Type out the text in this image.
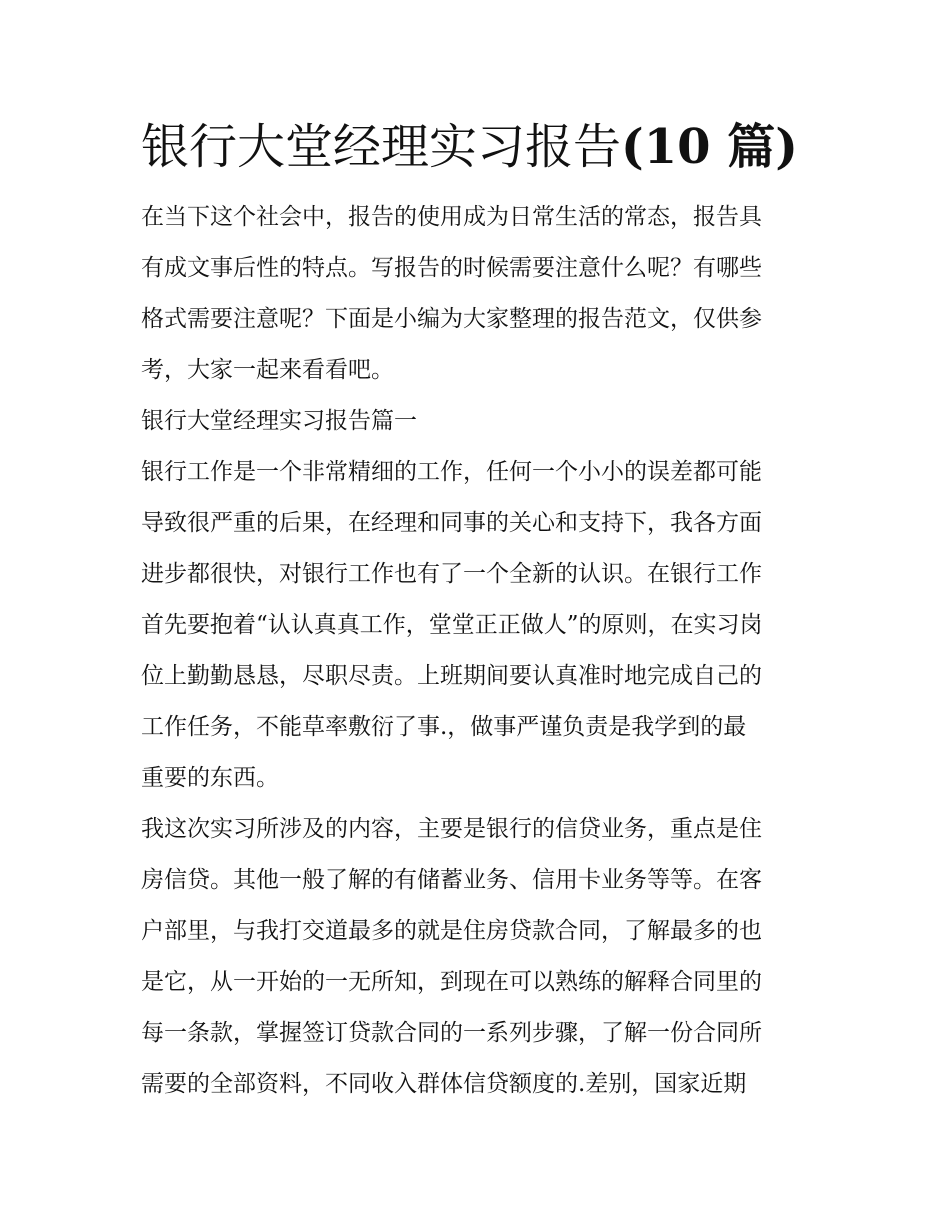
银行大堂经理实习报告(10 篇)
在当下这个社会中，报告的使用成为日常生活的常态，报告具
有成文事后性的特点。写报告的时候需要注意什么呢？有哪些
格式需要注意呢？下面是小编为大家整理的报告范文，仅供参
考，大家一起来看看吧。
银行大堂经理实习报告篇一
银行工作是一个非常精细的工作，任何一个小小的误差都可能
导致很严重的后果，在经理和同事的关心和支持下，我各方面
进步都很快，对银行工作也有了一个全新的认识。在银行工作
首先要抱着“认认真真工作，堂堂正正做人”的原则，在实习岗
位上勤勤恳恳，尽职尽责。上班期间要认真准时地完成自己的
工作任务，不能草率敷衍了事.，做事严谨负责是我学到的最
重要的东西。
我这次实习所涉及的内容，主要是银行的信贷业务，重点是住
房信贷。其他一般了解的有储蓄业务、信用卡业务等等。在客
户部里，与我打交道最多的就是住房贷款合同，了解最多的也
是它，从一开始的一无所知，到现在可以熟练的解释合同里的
每一条款，掌握签订贷款合同的一系列步骤，了解一份合同所
需要的全部资料，不同收入群体信贷额度的.差别，国家近期
